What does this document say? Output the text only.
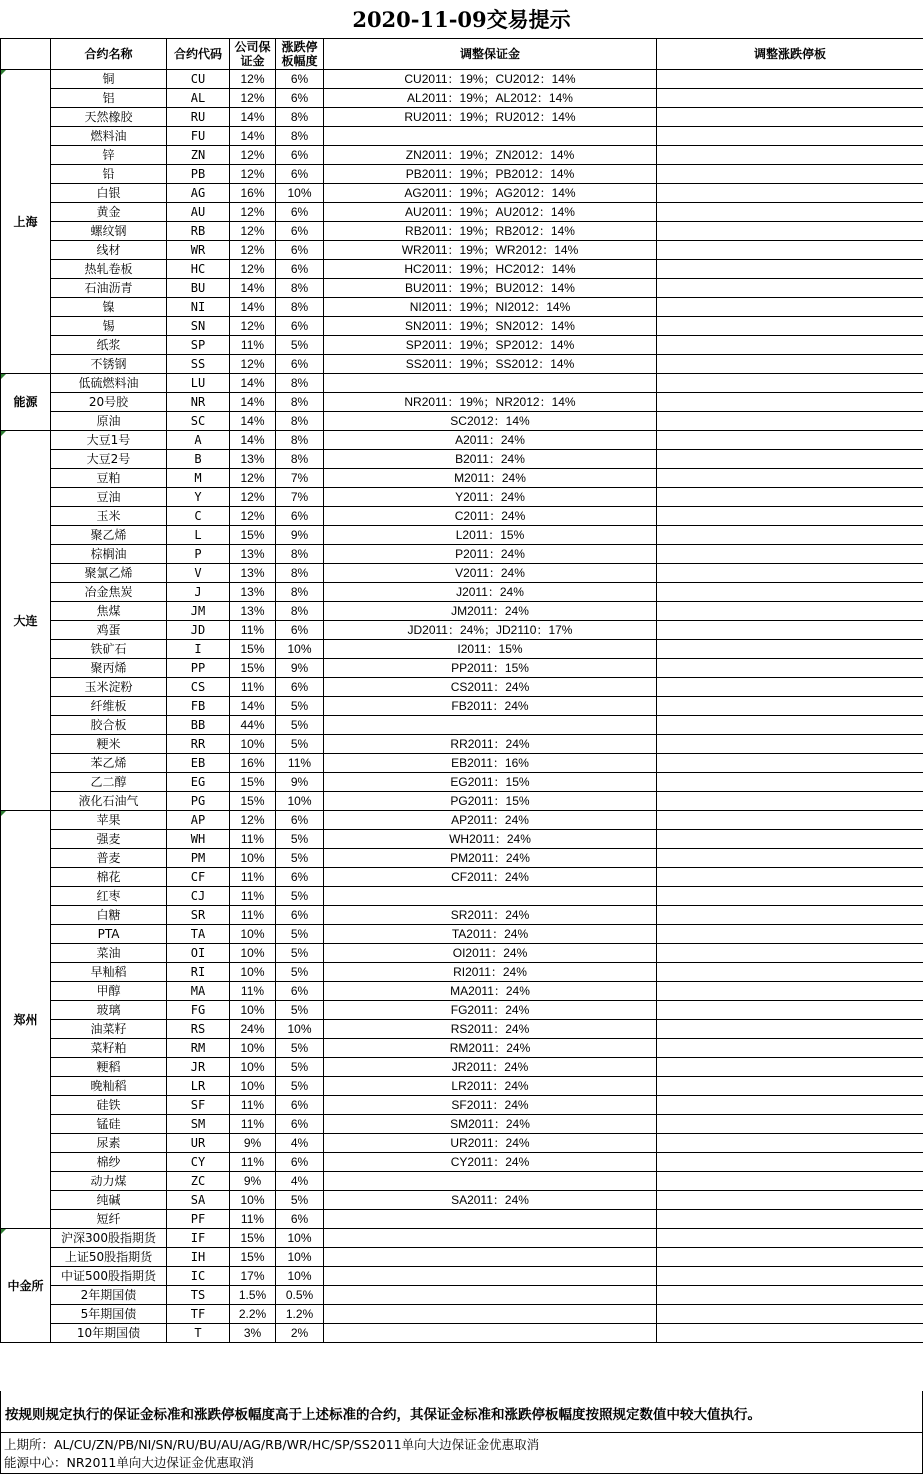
2020-11-09交易提示
	合约名称	合约代码	公司保证金	涨跌停板幅度	调整保证金	调整涨跌停板

上海	铜	CU	12%	6%	CU2011：19%；CU2012：14%	
	铝	AL	12%	6%	AL2011：19%；AL2012：14%	
	天然橡胶	RU	14%	8%	RU2011：19%；RU2012：14%	
	燃料油	FU	14%	8%		
	锌	ZN	12%	6%	ZN2011：19%；ZN2012：14%	
	铅	PB	12%	6%	PB2011：19%；PB2012：14%	
	白银	AG	16%	10%	AG2011：19%；AG2012：14%	
	黄金	AU	12%	6%	AU2011：19%；AU2012：14%	
	螺纹钢	RB	12%	6%	RB2011：19%；RB2012：14%	
	线材	WR	12%	6%	WR2011：19%；WR2012：14%	
	热轧卷板	HC	12%	6%	HC2011：19%；HC2012：14%	
	石油沥青	BU	14%	8%	BU2011：19%；BU2012：14%	
	镍	NI	14%	8%	NI2011：19%；NI2012：14%	
	锡	SN	12%	6%	SN2011：19%；SN2012：14%	
	纸浆	SP	11%	5%	SP2011：19%；SP2012：14%	
	不锈钢	SS	12%	6%	SS2011：19%；SS2012：14%	

能源	低硫燃料油	LU	14%	8%		
	20号胶	NR	14%	8%	NR2011：19%；NR2012：14%	
	原油	SC	14%	8%	SC2012：14%	

大连	大豆1号	A	14%	8%	A2011：24%	
	大豆2号	B	13%	8%	B2011：24%	
	豆粕	M	12%	7%	M2011：24%	
	豆油	Y	12%	7%	Y2011：24%	
	玉米	C	12%	6%	C2011：24%	
	聚乙烯	L	15%	9%	L2011：15%	
	棕榈油	P	13%	8%	P2011：24%	
	聚氯乙烯	V	13%	8%	V2011：24%	
	冶金焦炭	J	13%	8%	J2011：24%	
	焦煤	JM	13%	8%	JM2011：24%	
	鸡蛋	JD	11%	6%	JD2011：24%；JD2110：17%	
	铁矿石	I	15%	10%	I2011：15%	
	聚丙烯	PP	15%	9%	PP2011：15%	
	玉米淀粉	CS	11%	6%	CS2011：24%	
	纤维板	FB	14%	5%	FB2011：24%	
	胶合板	BB	44%	5%		
	粳米	RR	10%	5%	RR2011：24%	
	苯乙烯	EB	16%	11%	EB2011：16%	
	乙二醇	EG	15%	9%	EG2011：15%	
	液化石油气	PG	15%	10%	PG2011：15%	

郑州	苹果	AP	12%	6%	AP2011：24%	
	强麦	WH	11%	5%	WH2011：24%	
	普麦	PM	10%	5%	PM2011：24%	
	棉花	CF	11%	6%	CF2011：24%	
	红枣	CJ	11%	5%		
	白糖	SR	11%	6%	SR2011：24%	
	PTA	TA	10%	5%	TA2011：24%	
	菜油	OI	10%	5%	OI2011：24%	
	早籼稻	RI	10%	5%	RI2011：24%	
	甲醇	MA	11%	6%	MA2011：24%	
	玻璃	FG	10%	5%	FG2011：24%	
	油菜籽	RS	24%	10%	RS2011：24%	
	菜籽粕	RM	10%	5%	RM2011：24%	
	粳稻	JR	10%	5%	JR2011：24%	
	晚籼稻	LR	10%	5%	LR2011：24%	
	硅铁	SF	11%	6%	SF2011：24%	
	锰硅	SM	11%	6%	SM2011：24%	
	尿素	UR	9%	4%	UR2011：24%	
	棉纱	CY	11%	6%	CY2011：24%	
	动力煤	ZC	9%	4%		
	纯碱	SA	10%	5%	SA2011：24%	
	短纤	PF	11%	6%		

中金所	沪深300股指期货	IF	15%	10%		
	上证50股指期货	IH	15%	10%		
	中证500股指期货	IC	17%	10%		
	2年期国债	TS	1.5%	0.5%		
	5年期国债	TF	2.2%	1.2%		
	10年期国债	T	3%	2%		
按规则规定执行的保证金标准和涨跌停板幅度高于上述标准的合约，其保证金标准和涨跌停板幅度按照规定数值中较大值执行。
上期所：AL/CU/ZN/PB/NI/SN/RU/BU/AU/AG/RB/WR/HC/SP/SS2011单向大边保证金优惠取消
能源中心：NR2011单向大边保证金优惠取消
